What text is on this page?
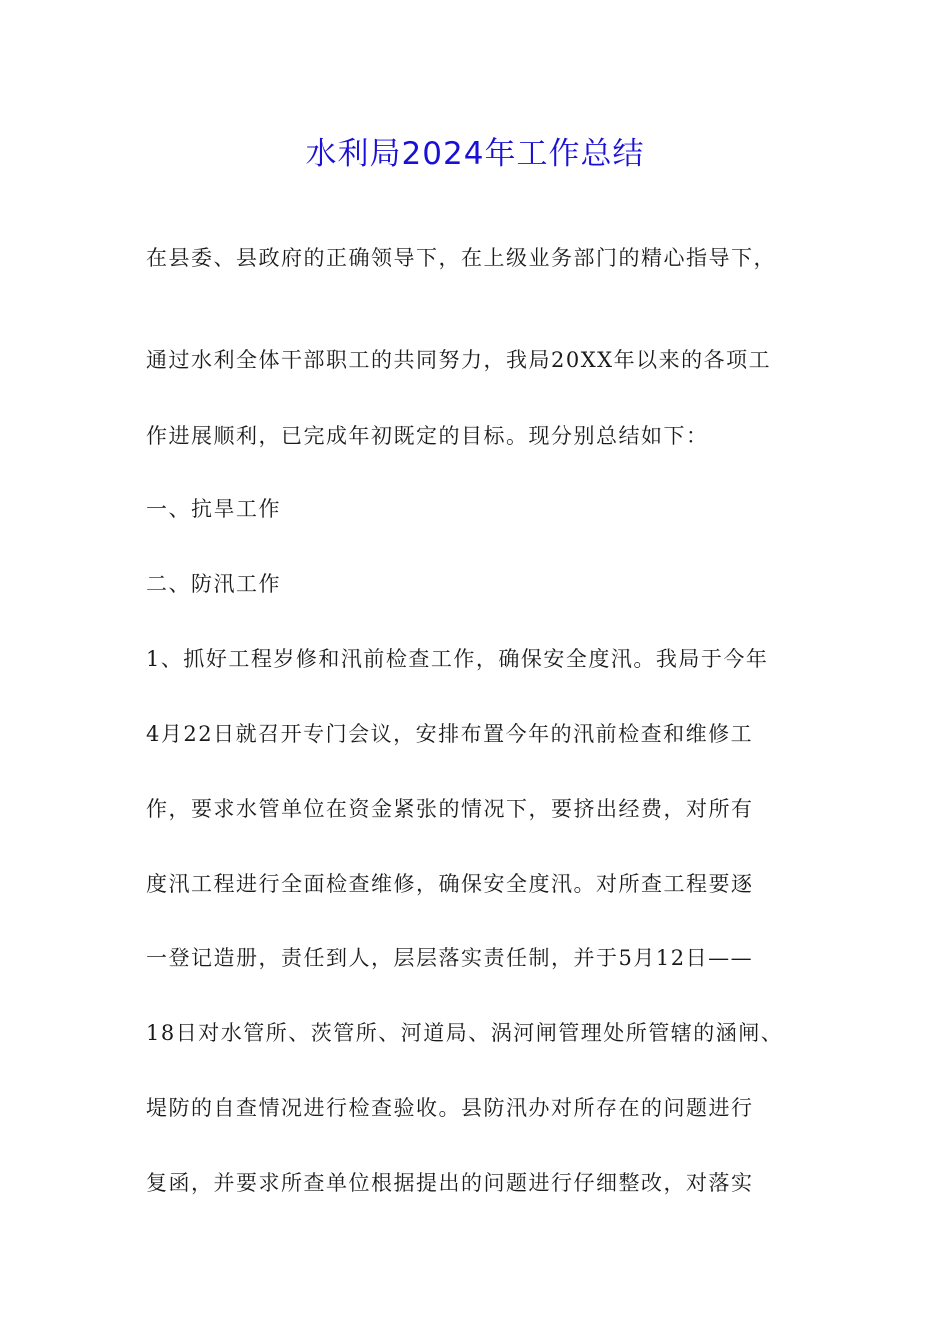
水利局2024年工作总结

在县委、县政府的正确领导下，在上级业务部门的精心指导下，

通过水利全体干部职工的共同努力，我局20XX年以来的各项工

作进展顺利，已完成年初既定的目标。现分别总结如下：

一、抗旱工作

二、防汛工作

1、抓好工程岁修和汛前检查工作，确保安全度汛。我局于今年

4月22日就召开专门会议，安排布置今年的汛前检查和维修工

作，要求水管单位在资金紧张的情况下，要挤出经费，对所有

度汛工程进行全面检查维修，确保安全度汛。对所查工程要逐

一登记造册，责任到人，层层落实责任制，并于5月12日——

18日对水管所、茨管所、河道局、涡河闸管理处所管辖的涵闸、

堤防的自查情况进行检查验收。县防汛办对所存在的问题进行

复函，并要求所查单位根据提出的问题进行仔细整改，对落实
